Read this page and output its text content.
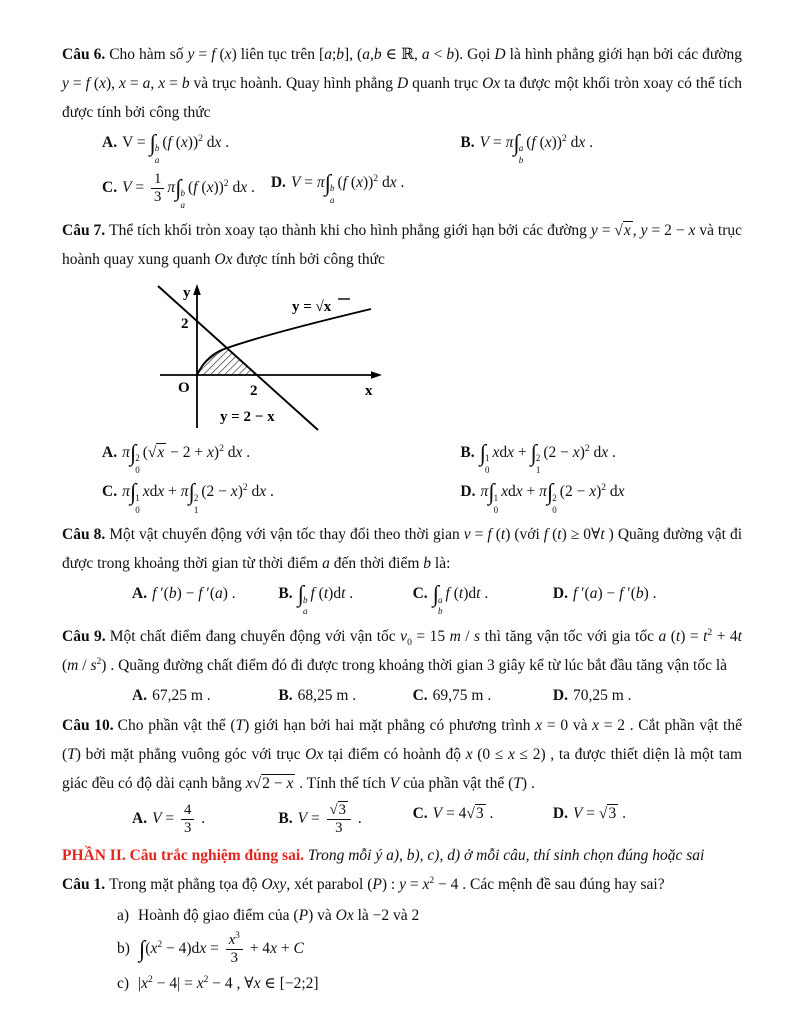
Câu 6. Cho hàm số y = f (x) liên tục trên [a;b], (a,b ∈ ℝ, a < b). Gọi D là hình phẳng giới hạn bởi các đường y = f (x), x = a, x = b và trục hoành. Quay hình phẳng D quanh trục Ox ta được một khối tròn xoay có thể tích được tính bởi công thức

A. V = ∫ b
a
(f (x))$^2$ dx .	B. V = π∫ a
b
(f (x))$^2$ dx .
C. $V = \frac{1}{3} \pi\int$ b
a
(f (x))$^2$ dx . D. V = π∫ b
a
(f (x))$^2$ dx .

Câu 7. Thể tích khối tròn xoay tạo thành khi cho hình phẳng giới hạn bởi các đường y = √x , y = 2 − x và trục hoành quay xung quanh Ox được tính bởi công thức

y
x
O
2
2
y = √x
y = 2 − x
A. π∫ 2
0
$(√x - 2 + x)^2$ dx .	B. ∫ 1
0
xdx + ∫ 2
1
$(2 - x)^2$ dx .
C. π∫ 1
0
xdx + π∫ 2
1
$(2 - x)^2$ dx .	D. π∫ 1
0
xdx + π∫ 2
0
$(2 - x)^2$ dx

Câu 8. Một vật chuyển động với vận tốc thay đổi theo thời gian v = f (t) (với f (t) ≥ 0∀t ) Quãng đường vật đi được trong khoảng thời gian từ thời điểm a đến thời điểm b là:

A. f ′(b) − f ′(a) .	B. ∫ b
a
f (t)dt .	C. ∫ a
b
f (t)dt .	D. f ′(a) − f ′(b) .

Câu 9. Một chất điểm đang chuyển động với vận tốc $v_0 = 15$ m / s thì tăng vận tốc với gia tốc a $(t) = t^2 + 4t$ $(m / s^2)$ . Quãng đường chất điểm đó đi được trong khoảng thời gian 3 giây kể từ lúc bắt đầu tăng vận tốc là

A. 67,25 m .	B. 68,25 m .	C. 69,75 m .	D. 70,25 m .

Câu 10. Cho phần vật thể (T) giới hạn bởi hai mặt phẳng có phương trình x = 0 và x = 2 . Cắt phần vật thể (T) bởi mặt phẳng vuông góc với trục Ox tại điểm có hoành độ x (0 ≤ x ≤ 2) , ta được thiết diện là một tam giác đều có độ dài cạnh bằng x√2 − x . Tính thể tích V của phần vật thể (T) .

A. $V = \frac{4}{3}$ .	B. $V = \frac{√3}{3}$ .	C. V = 4√3 .	D. V = √3 .

PHẦN II. Câu trắc nghiệm đúng sai. Trong mỗi ý a), b), c), d) ở mỗi câu, thí sinh chọn đúng hoặc sai

Câu 1. Trong mặt phẳng tọa độ Oxy, xét parabol (P) : $y = x^2 - 4$ . Các mệnh đề sau đúng hay sai?

a) Hoành độ giao điểm của (P) và Ox là −2 và 2

b) $\int(x^2 - 4)dx = \frac{x^3}{3} + 4x + C$

c) $|x^2 - 4| = x^2 - 4$ , ∀x ∈ [−2;2]
